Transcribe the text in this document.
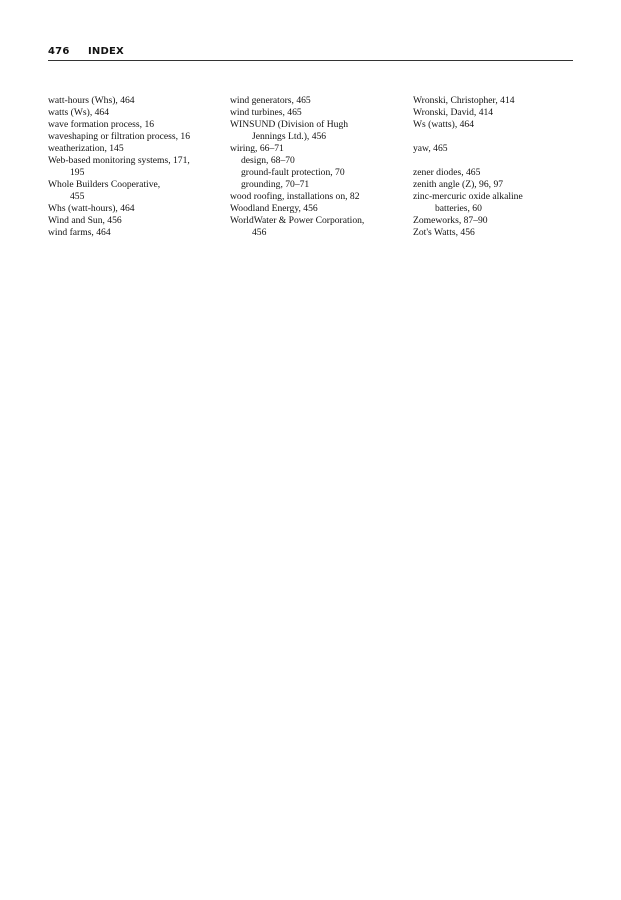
476 INDEX
watt-hours (Whs), 464
watts (Ws), 464
wave formation process, 16
waveshaping or filtration process, 16
weatherization, 145
Web-based monitoring systems, 171,
195
Whole Builders Cooperative,
455
Whs (watt-hours), 464
Wind and Sun, 456
wind farms, 464
wind generators, 465
wind turbines, 465
WINSUND (Division of Hugh
Jennings Ltd.), 456
wiring, 66–71
design, 68–70
ground-fault protection, 70
grounding, 70–71
wood roofing, installations on, 82
Woodland Energy, 456
WorldWater & Power Corporation,
456
Wronski, Christopher, 414
Wronski, David, 414
Ws (watts), 464
yaw, 465
zener diodes, 465
zenith angle (Z), 96, 97
zinc-mercuric oxide alkaline
batteries, 60
Zomeworks, 87–90
Zot's Watts, 456
